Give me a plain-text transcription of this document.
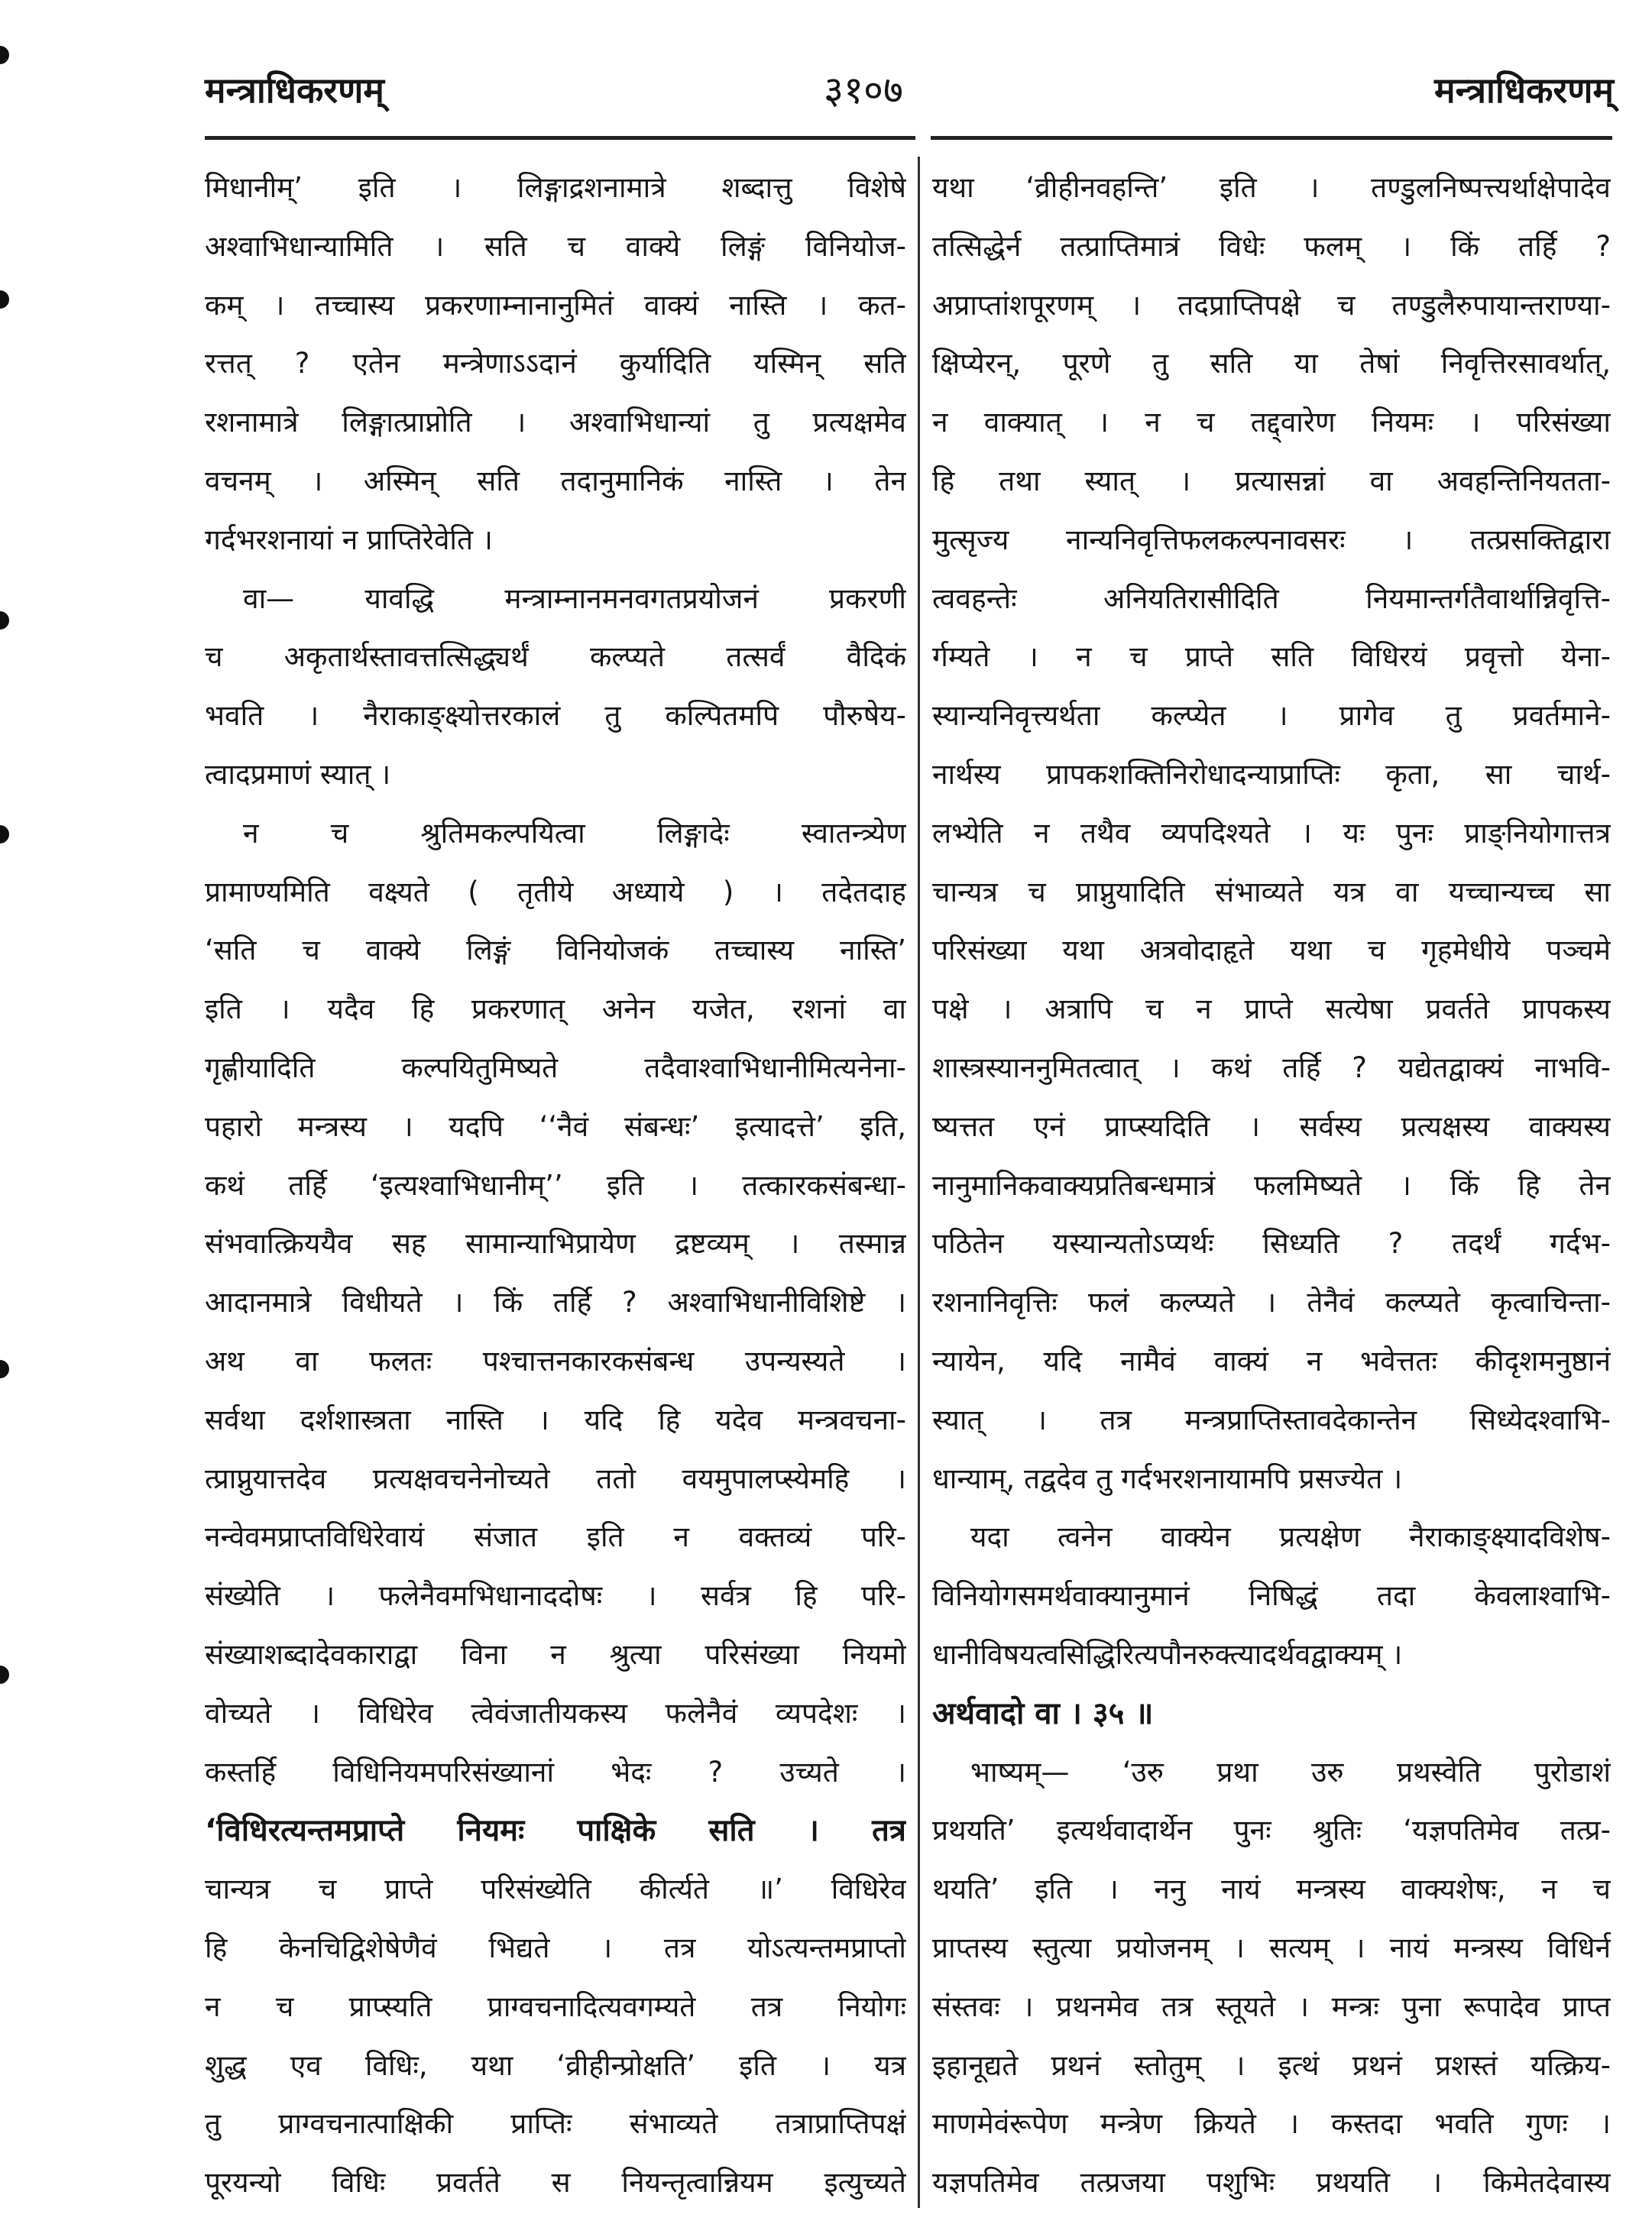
मन्त्राधिकरणम्	३१०७	मन्त्राधिकरणम्
मिधानीम्’ इति । लिङ्गाद्रशनामात्रे शब्दात्तु विशेषे
अश्वाभिधान्यामिति । सति च वाक्ये लिङ्गं विनियोज-
कम् । तच्चास्य प्रकरणाम्नानानुमितं वाक्यं नास्ति । कत-
रत्तत् ? एतेन मन्त्रेणाऽऽदानं कुर्यादिति यस्मिन् सति
रशनामात्रे लिङ्गात्प्राप्नोति । अश्वाभिधान्यां तु प्रत्यक्षमेव
वचनम् । अस्मिन् सति तदानुमानिकं नास्ति । तेन
गर्दभरशनायां न प्राप्तिरेवेति ।
वा— यावद्धि मन्त्राम्नानमनवगतप्रयोजनं प्रकरणी
च अकृतार्थस्तावत्तत्सिद्ध्यर्थं कल्प्यते तत्सर्वं वैदिकं
भवति । नैराकाङ्क्ष्योत्तरकालं तु कल्पितमपि पौरुषेय-
त्वादप्रमाणं स्यात् ।
न च श्रुतिमकल्पयित्वा लिङ्गादेः स्वातन्त्र्येण
प्रामाण्यमिति वक्ष्यते ( तृतीये अध्याये ) । तदेतदाह
‘सति च वाक्ये लिङ्गं विनियोजकं तच्चास्य नास्ति’
इति । यदैव हि प्रकरणात् अनेन यजेत, रशनां वा
गृह्णीयादिति कल्पयितुमिष्यते तदैवाश्वाभिधानीमित्यनेना-
पहारो मन्त्रस्य । यदपि ‘‘नैवं संबन्धः’ इत्यादत्ते’ इति,
कथं तर्हि ‘इत्यश्वाभिधानीम्’’ इति । तत्कारकसंबन्धा-
संभवात्क्रिययैव सह सामान्याभिप्रायेण द्रष्टव्यम् । तस्मान्न
आदानमात्रे विधीयते । किं तर्हि ? अश्वाभिधानीविशिष्टे ।
अथ वा फलतः पश्चात्तनकारकसंबन्ध उपन्यस्यते ।
सर्वथा दर्शशास्त्रता नास्ति । यदि हि यदेव मन्त्रवचना-
त्प्राप्नुयात्तदेव प्रत्यक्षवचनेनोच्यते ततो वयमुपालप्स्येमहि ।
नन्वेवमप्राप्तविधिरेवायं संजात इति न वक्तव्यं परि-
संख्येति । फलेनैवमभिधानाददोषः । सर्वत्र हि परि-
संख्याशब्दादेवकाराद्वा विना न श्रुत्या परिसंख्या नियमो
वोच्यते । विधिरेव त्वेवंजातीयकस्य फलेनैवं व्यपदेशः ।
कस्तर्हि विधिनियमपरिसंख्यानां भेदः ? उच्यते ।
‘विधिरत्यन्तमप्राप्ते नियमः पाक्षिके सति । तत्र
चान्यत्र च प्राप्ते परिसंख्येति कीर्त्यते ॥’ विधिरेव
हि केनचिद्विशेषेणैवं भिद्यते । तत्र योऽत्यन्तमप्राप्तो
न च प्राप्स्यति प्राग्वचनादित्यवगम्यते तत्र नियोगः
शुद्ध एव विधिः, यथा ‘व्रीहीन्प्रोक्षति’ इति । यत्र
तु प्राग्वचनात्पाक्षिकी प्राप्तिः संभाव्यते तत्राप्राप्तिपक्षं
पूरयन्यो विधिः प्रवर्तते स नियन्तृत्वान्नियम इत्युच्यते
यथा ‘व्रीहीनवहन्ति’ इति । तण्डुलनिष्पत्त्यर्थाक्षेपादेव
तत्सिद्धेर्न तत्प्राप्तिमात्रं विधेः फलम् । किं तर्हि ?
अप्राप्तांशपूरणम् । तदप्राप्तिपक्षे च तण्डुलैरुपायान्तराण्या-
क्षिप्येरन्, पूरणे तु सति या तेषां निवृत्तिरसावर्थात्,
न वाक्यात् । न च तद्द्वारेण नियमः । परिसंख्या
हि तथा स्यात् । प्रत्यासन्नां वा अवहन्तिनियतता-
मुत्सृज्य नान्यनिवृत्तिफलकल्पनावसरः । तत्प्रसक्तिद्वारा
त्ववहन्तेः अनियतिरासीदिति नियमान्तर्गतैवार्थान्निवृत्ति-
र्गम्यते । न च प्राप्ते सति विधिरयं प्रवृत्तो येना-
स्यान्यनिवृत्त्यर्थता कल्प्येत । प्रागेव तु प्रवर्तमाने-
नार्थस्य प्रापकशक्तिनिरोधादन्याप्राप्तिः कृता, सा चार्थ-
लभ्येति न तथैव व्यपदिश्यते । यः पुनः प्राङ्नियोगात्तत्र
चान्यत्र च प्राप्नुयादिति संभाव्यते यत्र वा यच्चान्यच्च सा
परिसंख्या यथा अत्रवोदाहृते यथा च गृहमेधीये पञ्चमे
पक्षे । अत्रापि च न प्राप्ते सत्येषा प्रवर्तते प्रापकस्य
शास्त्रस्याननुमितत्वात् । कथं तर्हि ? यद्येतद्वाक्यं नाभवि-
ष्यत्तत एनं प्राप्स्यदिति । सर्वस्य प्रत्यक्षस्य वाक्यस्य
नानुमानिकवाक्यप्रतिबन्धमात्रं फलमिष्यते । किं हि तेन
पठितेन यस्यान्यतोऽप्यर्थः सिध्यति ? तदर्थं गर्दभ-
रशनानिवृत्तिः फलं कल्प्यते । तेनैवं कल्प्यते कृत्वाचिन्ता-
न्यायेन, यदि नामैवं वाक्यं न भवेत्ततः कीदृशमनुष्ठानं
स्यात् । तत्र मन्त्रप्राप्तिस्तावदेकान्तेन सिध्येदश्वाभि-
धान्याम्, तद्वदेव तु गर्दभरशनायामपि प्रसज्येत ।
यदा त्वनेन वाक्येन प्रत्यक्षेण नैराकाङ्क्ष्यादविशेष-
विनियोगसमर्थवाक्यानुमानं निषिद्धं तदा केवलाश्वाभि-
धानीविषयत्वसिद्धिरित्यपौनरुक्त्यादर्थवद्वाक्यम् ।
अर्थवादो वा । ३५ ॥
भाष्यम्— ‘उरु प्रथा उरु प्रथस्वेति पुरोडाशं
प्रथयति’ इत्यर्थवादार्थेन पुनः श्रुतिः ‘यज्ञपतिमेव तत्प्र-
थयति’ इति । ननु नायं मन्त्रस्य वाक्यशेषः, न च
प्राप्तस्य स्तुत्या प्रयोजनम् । सत्यम् । नायं मन्त्रस्य विधिर्न
संस्तवः । प्रथनमेव तत्र स्तूयते । मन्त्रः पुना रूपादेव प्राप्त
इहानूद्यते प्रथनं स्तोतुम् । इत्थं प्रथनं प्रशस्तं यत्क्रिय-
माणमेवंरूपेण मन्त्रेण क्रियते । कस्तदा भवति गुणः ।
यज्ञपतिमेव तत्प्रजया पशुभिः प्रथयति । किमेतदेवास्य
